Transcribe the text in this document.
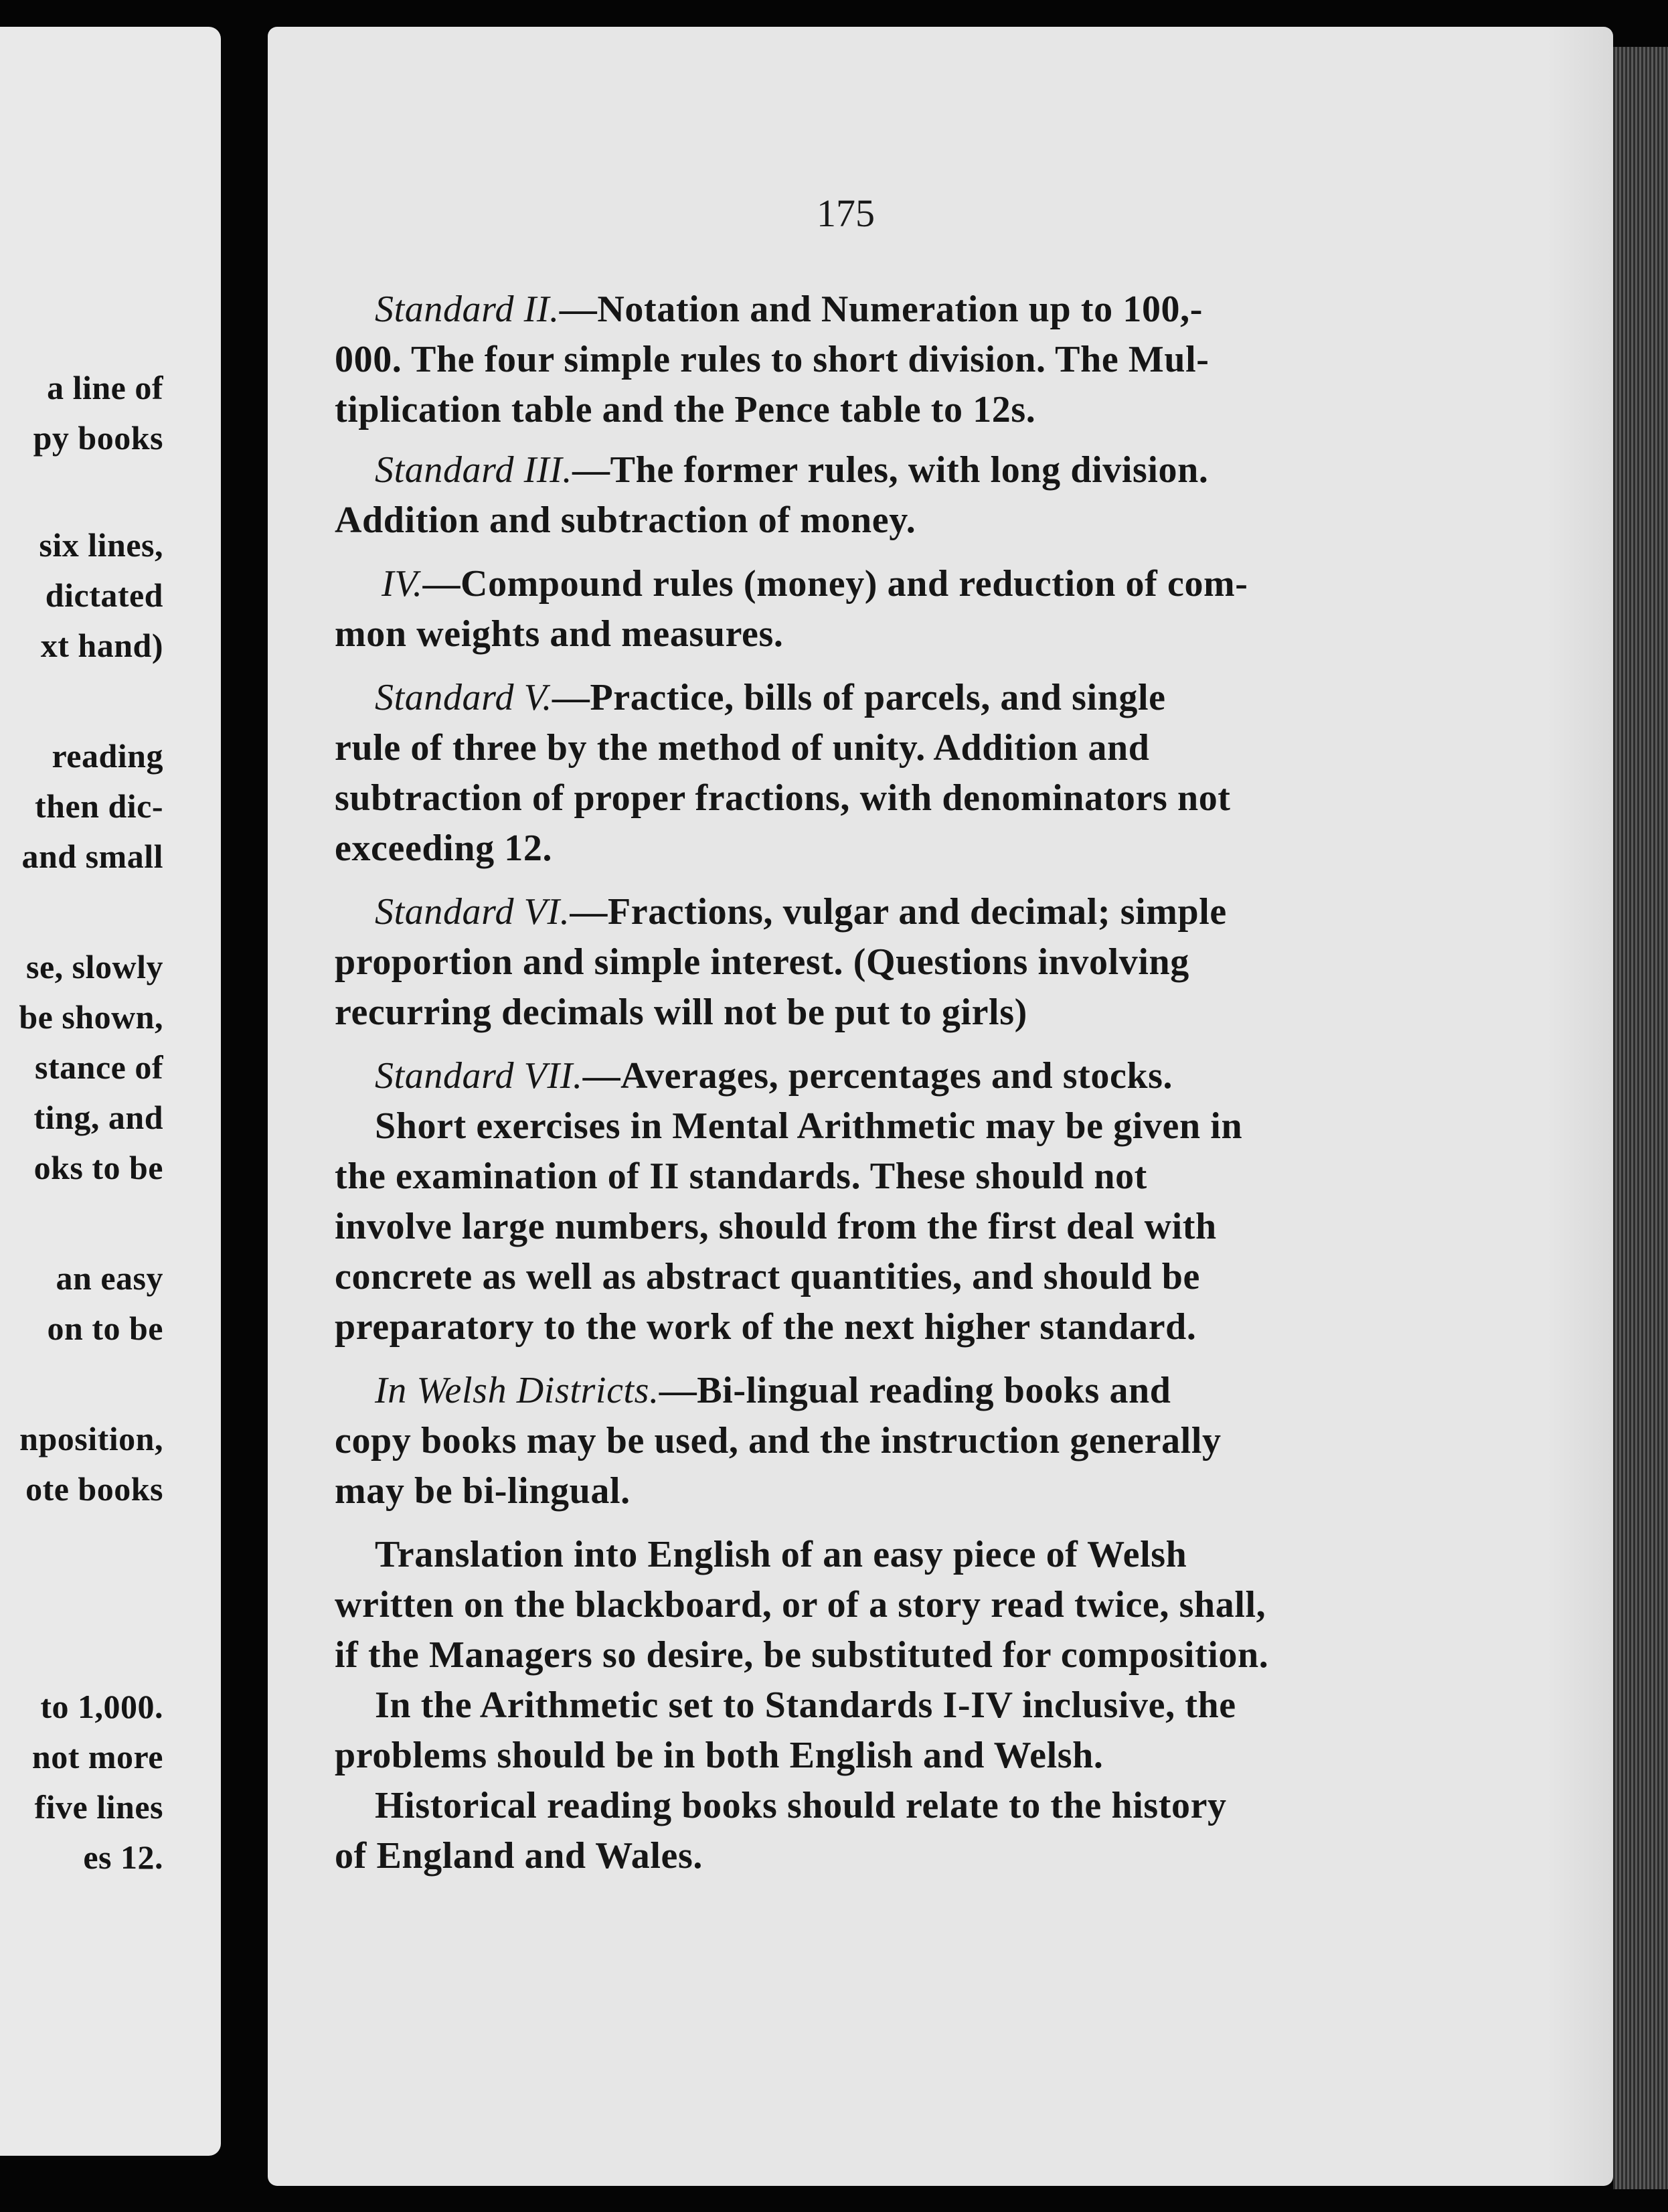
a line of
py books
six lines,
dictated
xt hand)
reading
then dic-
and small
se, slowly
be shown,
stance of
ting, and
oks to be
an easy
on to be
nposition,
ote books
to 1,000.
not more
five lines
es 12.
175
Standard II.—Notation and Numeration up to 100,-
000. The four simple rules to short division. The Mul-
tiplication table and the Pence table to 12s.
Standard III.—The former rules, with long division.
Addition and subtraction of money.
IV.—Compound rules (money) and reduction of com-
mon weights and measures.
Standard V.—Practice, bills of parcels, and single
rule of three by the method of unity. Addition and
subtraction of proper fractions, with denominators not
exceeding 12.
Standard VI.—Fractions, vulgar and decimal; simple
proportion and simple interest. (Questions involving
recurring decimals will not be put to girls)
Standard VII.—Averages, percentages and stocks.
Short exercises in Mental Arithmetic may be given in
the examination of II standards. These should not
involve large numbers, should from the first deal with
concrete as well as abstract quantities, and should be
preparatory to the work of the next higher standard.
In Welsh Districts.—Bi-lingual reading books and
copy books may be used, and the instruction generally
may be bi-lingual.
Translation into English of an easy piece of Welsh
written on the blackboard, or of a story read twice, shall,
if the Managers so desire, be substituted for composition.
In the Arithmetic set to Standards I-IV inclusive, the
problems should be in both English and Welsh.
Historical reading books should relate to the history
of England and Wales.
